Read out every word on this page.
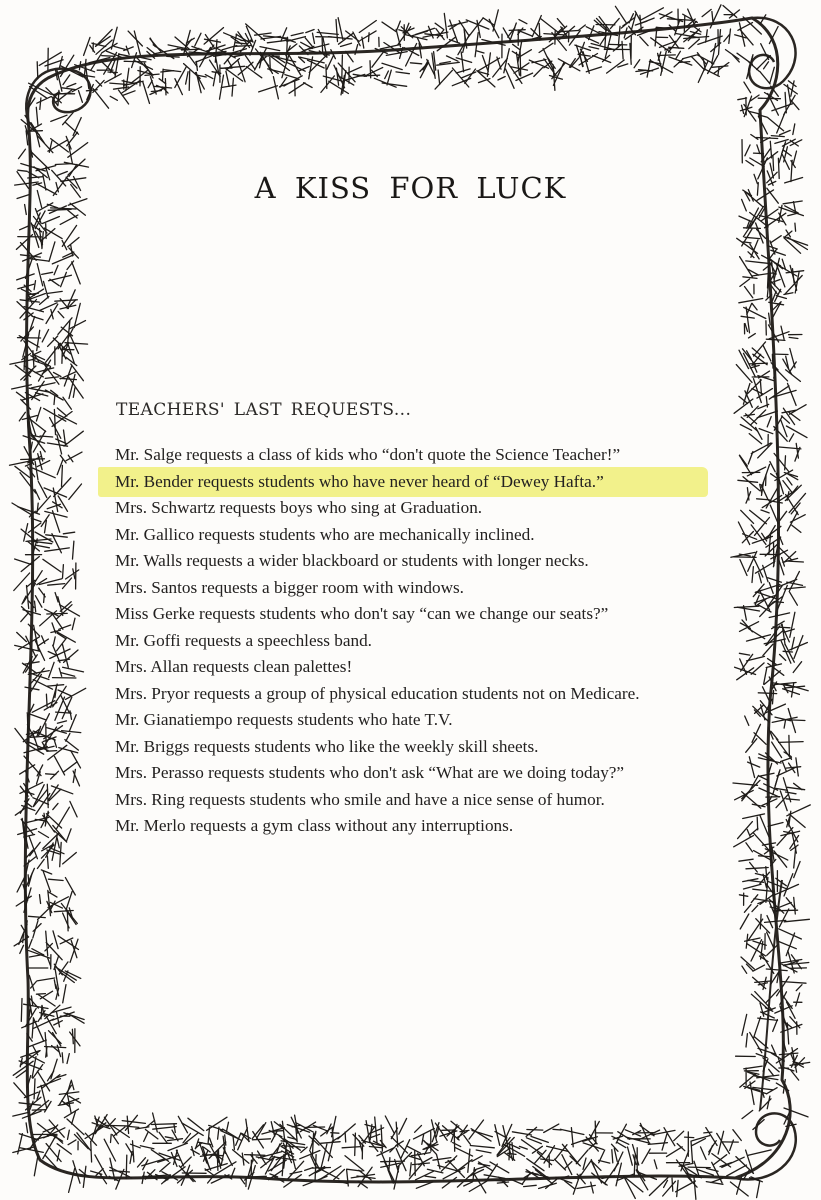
A KISS FOR LUCK
TEACHERS' LAST REQUESTS...
Mr. Salge requests a class of kids who “don't quote the Science Teacher!”
Mr. Bender requests students who have never heard of “Dewey Hafta.”
Mrs. Schwartz requests boys who sing at Graduation.
Mr. Gallico requests students who are mechanically inclined.
Mr. Walls requests a wider blackboard or students with longer necks.
Mrs. Santos requests a bigger room with windows.
Miss Gerke requests students who don't say “can we change our seats?”
Mr. Goffi requests a speechless band.
Mrs. Allan requests clean palettes!
Mrs. Pryor requests a group of physical education students not on Medicare.
Mr. Gianatiempo requests students who hate T.V.
Mr. Briggs requests students who like the weekly skill sheets.
Mrs. Perasso requests students who don't ask “What are we doing today?”
Mrs. Ring requests students who smile and have a nice sense of humor.
Mr. Merlo requests a gym class without any interruptions.
